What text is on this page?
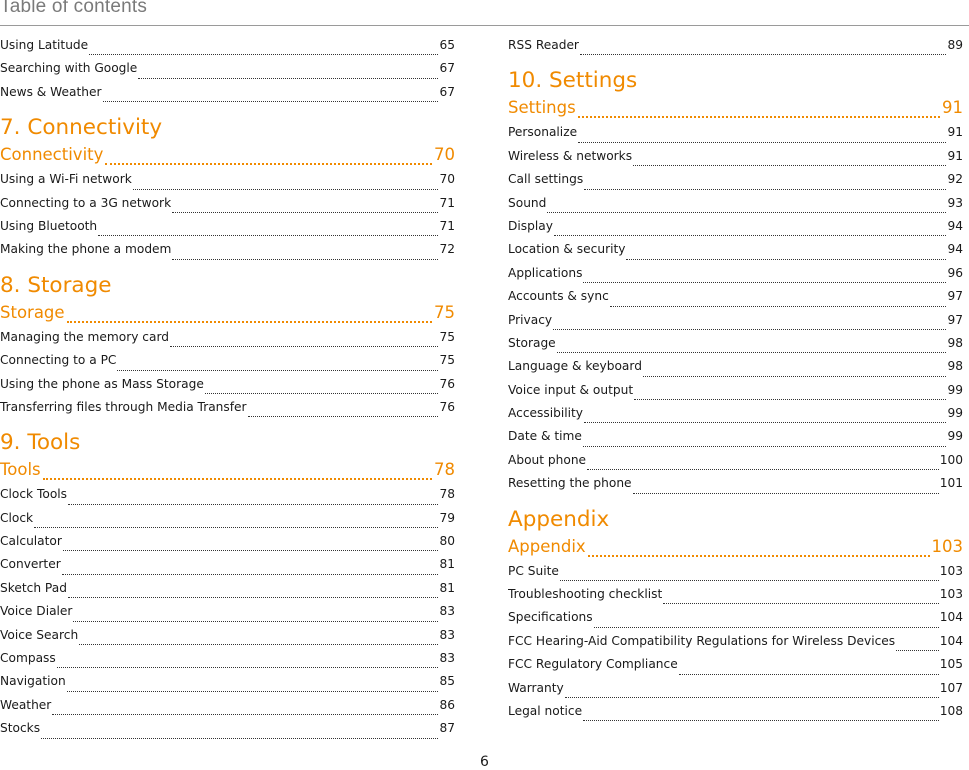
Table of contents
Using Latitude	65
Searching with Google	67
News & Weather	67
7. Connectivity
Connectivity	70
Using a Wi-Fi network	70
Connecting to a 3G network	71
Using Bluetooth	71
Making the phone a modem	72
8. Storage
Storage	75
Managing the memory card	75
Connecting to a PC	75
Using the phone as Mass Storage	76
Transferring files through Media Transfer	76
9. Tools
Tools	78
Clock Tools	78
Clock	79
Calculator	80
Converter	81
Sketch Pad	81
Voice Dialer	83
Voice Search	83
Compass	83
Navigation	85
Weather	86
Stocks	87
RSS Reader	89
10. Settings
Settings	91
Personalize	91
Wireless & networks	91
Call settings	92
Sound	93
Display	94
Location & security	94
Applications	96
Accounts & sync	97
Privacy	97
Storage	98
Language & keyboard	98
Voice input & output	99
Accessibility	99
Date & time	99
About phone	100
Resetting the phone	101
Appendix
Appendix	103
PC Suite	103
Troubleshooting checklist	103
Specifications	104
FCC Hearing-Aid Compatibility Regulations for Wireless Devices	104
FCC Regulatory Compliance	105
Warranty	107
Legal notice	108
6
